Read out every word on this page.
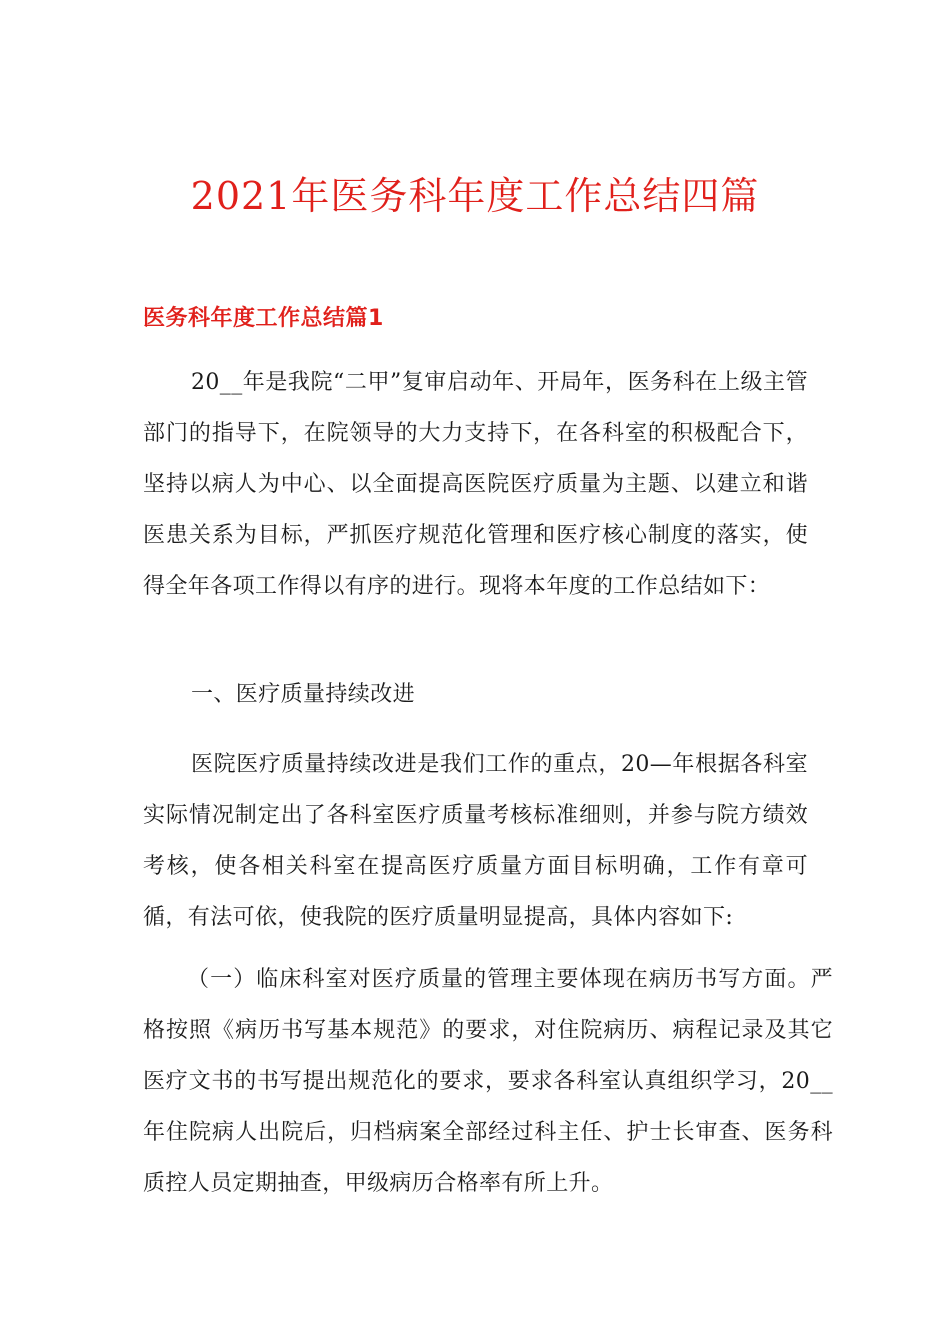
2021年医务科年度工作总结四篇
医务科年度工作总结篇1

20__年是我院“二甲”复审启动年、开局年，医务科在上级主管部门的指导下，在院领导的大力支持下，在各科室的积极配合下，坚持以病人为中心、以全面提高医院医疗质量为主题、以建立和谐医患关系为目标，严抓医疗规范化管理和医疗核心制度的落实，使得全年各项工作得以有序的进行。现将本年度的工作总结如下：

一、医疗质量持续改进

医院医疗质量持续改进是我们工作的重点，20—年根据各科室实际情况制定出了各科室医疗质量考核标准细则，并参与院方绩效考核，使各相关科室在提高医疗质量方面目标明确，工作有章可循，有法可依，使我院的医疗质量明显提高，具体内容如下:

（一）临床科室对医疗质量的管理主要体现在病历书写方面。严格按照《病历书写基本规范》的要求，对住院病历、病程记录及其它医疗文书的书写提出规范化的要求，要求各科室认真组织学习，20__年住院病人出院后，归档病案全部经过科主任、护士长审查、医务科质控人员定期抽查，甲级病历合格率有所上升。
